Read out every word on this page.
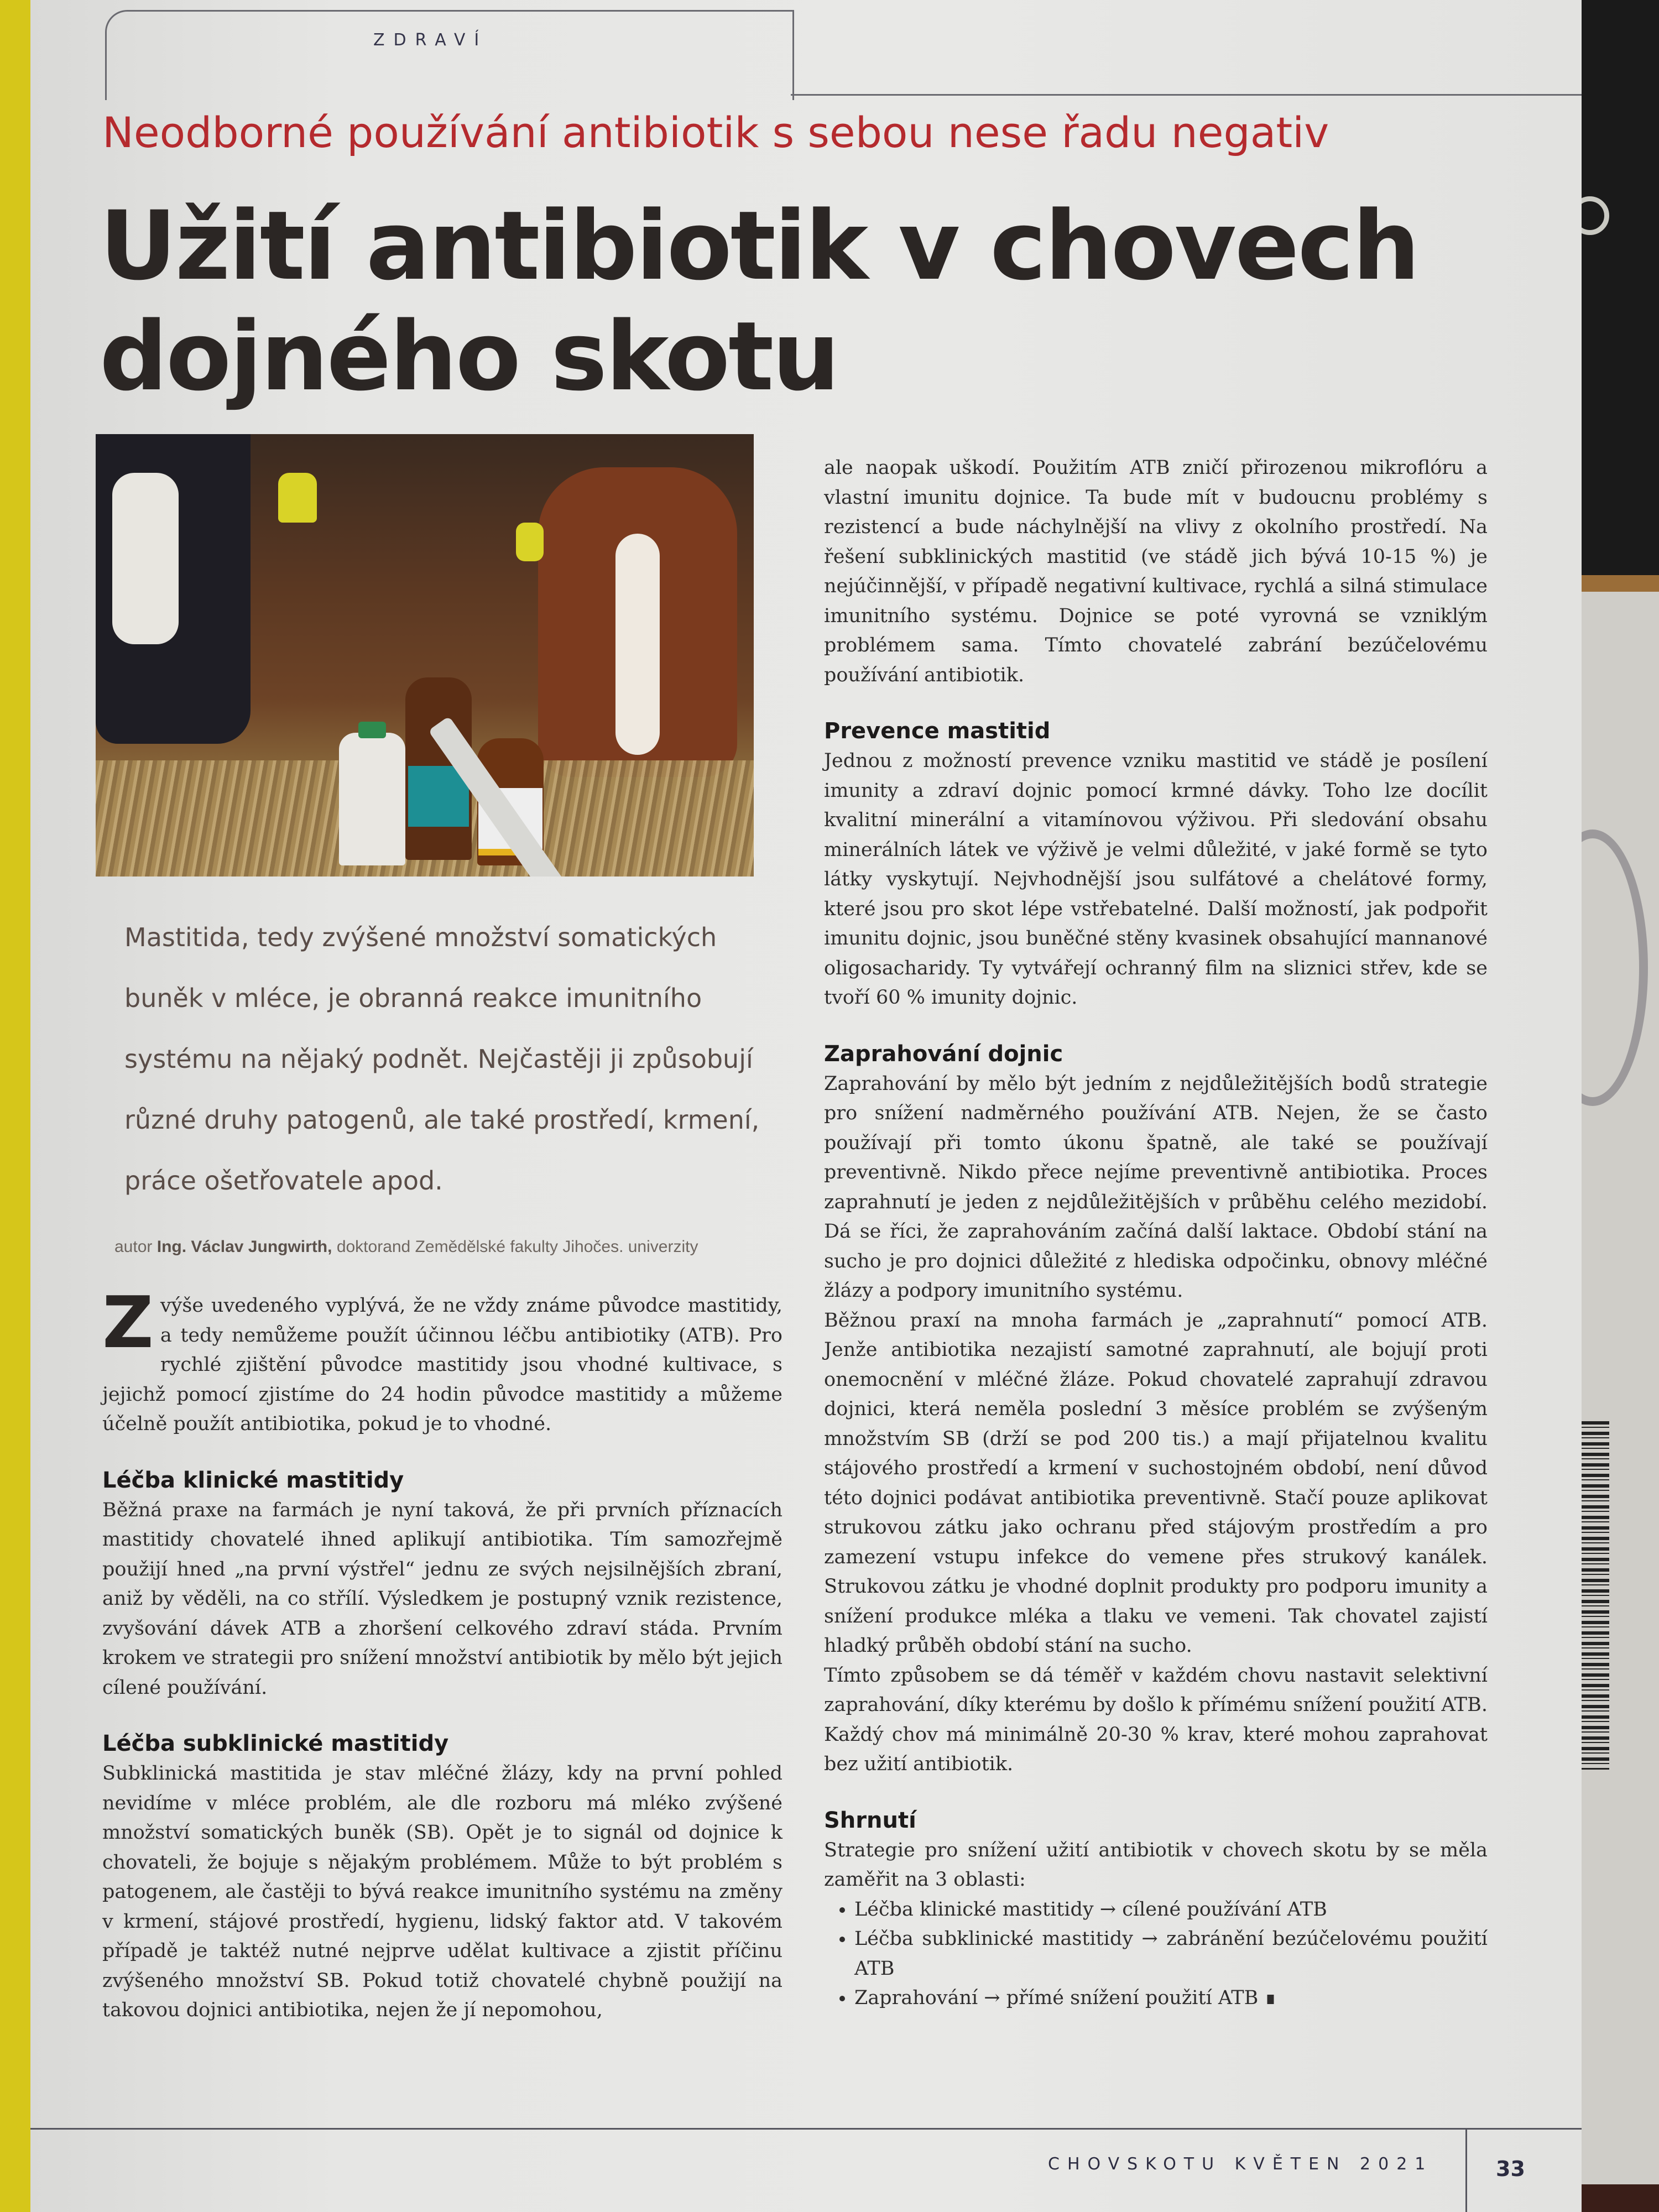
ZDRAVÍ
Neodborné používání antibiotik s sebou nese řadu negativ
Užití antibiotik v chovech
dojného skotu
Mastitida, tedy zvýšené množství somatických buněk v mléce, je obranná reakce imunitního systému na nějaký podnět. Nejčastěji ji způsobují různé druhy patogenů, ale také prostředí, krmení, práce ošetřovatele apod.
autor Ing. Václav Jungwirth, doktorand Zemědělské fakulty Jihočes. univerzity

Z výše uvedeného vyplývá, že ne vždy známe původce mastitidy, a tedy nemůžeme použít účinnou léčbu antibiotiky (ATB). Pro rychlé zjištění původce mastitidy jsou vhodné kultivace, s jejichž pomocí zjistíme do 24 hodin původce mastitidy a můžeme účelně použít antibiotika, pokud je to vhodné.

Léčba klinické mastitidy

Běžná praxe na farmách je nyní taková, že při prvních příznacích mastitidy chovatelé ihned aplikují antibiotika. Tím samozřejmě použijí hned „na první výstřel“ jednu ze svých nejsilnějších zbraní, aniž by věděli, na co střílí. Výsledkem je postupný vznik rezistence, zvyšování dávek ATB a zhoršení celkového zdraví stáda. Prvním krokem ve strategii pro snížení množství antibiotik by mělo být jejich cílené používání.

Léčba subklinické mastitidy

Subklinická mastitida je stav mléčné žlázy, kdy na první pohled nevidíme v mléce problém, ale dle rozboru má mléko zvýšené množství somatických buněk (SB). Opět je to signál od dojnice k chovateli, že bojuje s nějakým problémem. Může to být problém s patogenem, ale častěji to bývá reakce imunitního systému na změny v krmení, stájové prostředí, hygienu, lidský faktor atd. V takovém případě je taktéž nutné nejprve udělat kultivace a zjistit příčinu zvýšeného množství SB. Pokud totiž chovatelé chybně použijí na takovou dojnici antibiotika, nejen že jí nepomohou,

ale naopak uškodí. Použitím ATB zničí přirozenou mikroflóru a vlastní imunitu dojnice. Ta bude mít v budoucnu problémy s rezistencí a bude náchylnější na vlivy z okolního prostředí. Na řešení subklinických mastitid (ve stádě jich bývá 10-15 %) je nejúčinnější, v případě negativní kultivace, rychlá a silná stimulace imunitního systému. Dojnice se poté vyrovná se vzniklým problémem sama. Tímto chovatelé zabrání bezúčelovému používání antibiotik.

Prevence mastitid

Jednou z možností prevence vzniku mastitid ve stádě je posílení imunity a zdraví dojnic pomocí krmné dávky. Toho lze docílit kvalitní minerální a vitamínovou výživou. Při sledování obsahu minerálních látek ve výživě je velmi důležité, v jaké formě se tyto látky vyskytují. Nejvhodnější jsou sulfátové a chelátové formy, které jsou pro skot lépe vstřebatelné. Další možností, jak podpořit imunitu dojnic, jsou buněčné stěny kvasinek obsahující mannanové oligosacharidy. Ty vytvářejí ochranný film na sliznici střev, kde se tvoří 60 % imunity dojnic.

Zaprahování dojnic

Zaprahování by mělo být jedním z nejdůležitějších bodů strategie pro snížení nadměrného používání ATB. Nejen, že se často používají při tomto úkonu špatně, ale také se používají preventivně. Nikdo přece nejíme preventivně antibiotika. Proces zaprahnutí je jeden z nejdůležitějších v průběhu celého mezidobí. Dá se říci, že zaprahováním začíná další laktace. Období stání na sucho je pro dojnici důležité z hlediska odpočinku, obnovy mléčné žlázy a podpory imunitního systému.

Běžnou praxí na mnoha farmách je „zaprahnutí“ pomocí ATB. Jenže antibiotika nezajistí samotné zaprahnutí, ale bojují proti onemocnění v mléčné žláze. Pokud chovatelé zaprahují zdravou dojnici, která neměla poslední 3 měsíce problém se zvýšeným množstvím SB (drží se pod 200 tis.) a mají přijatelnou kvalitu stájového prostředí a krmení v suchostojném období, není důvod této dojnici podávat antibiotika preventivně. Stačí pouze aplikovat strukovou zátku jako ochranu před stájovým prostředím a pro zamezení vstupu infekce do vemene přes strukový kanálek. Strukovou zátku je vhodné doplnit produkty pro podporu imunity a snížení produkce mléka a tlaku ve vemeni. Tak chovatel zajistí hladký průběh období stání na sucho.

Tímto způsobem se dá téměř v každém chovu nastavit selektivní zaprahování, díky kterému by došlo k přímému snížení použití ATB. Každý chov má minimálně 20-30 % krav, které mohou zaprahovat bez užití antibiotik.

Shrnutí

Strategie pro snížení užití antibiotik v chovech skotu by se měla zaměřit na 3 oblasti:

• Léčba klinické mastitidy → cílené používání ATB
• Léčba subklinické mastitidy → zabránění bezúčelovému použití ATB
• Zaprahování → přímé snížení použití ATB ∎
CHOVSKOTU KVĚTEN 2021	33
